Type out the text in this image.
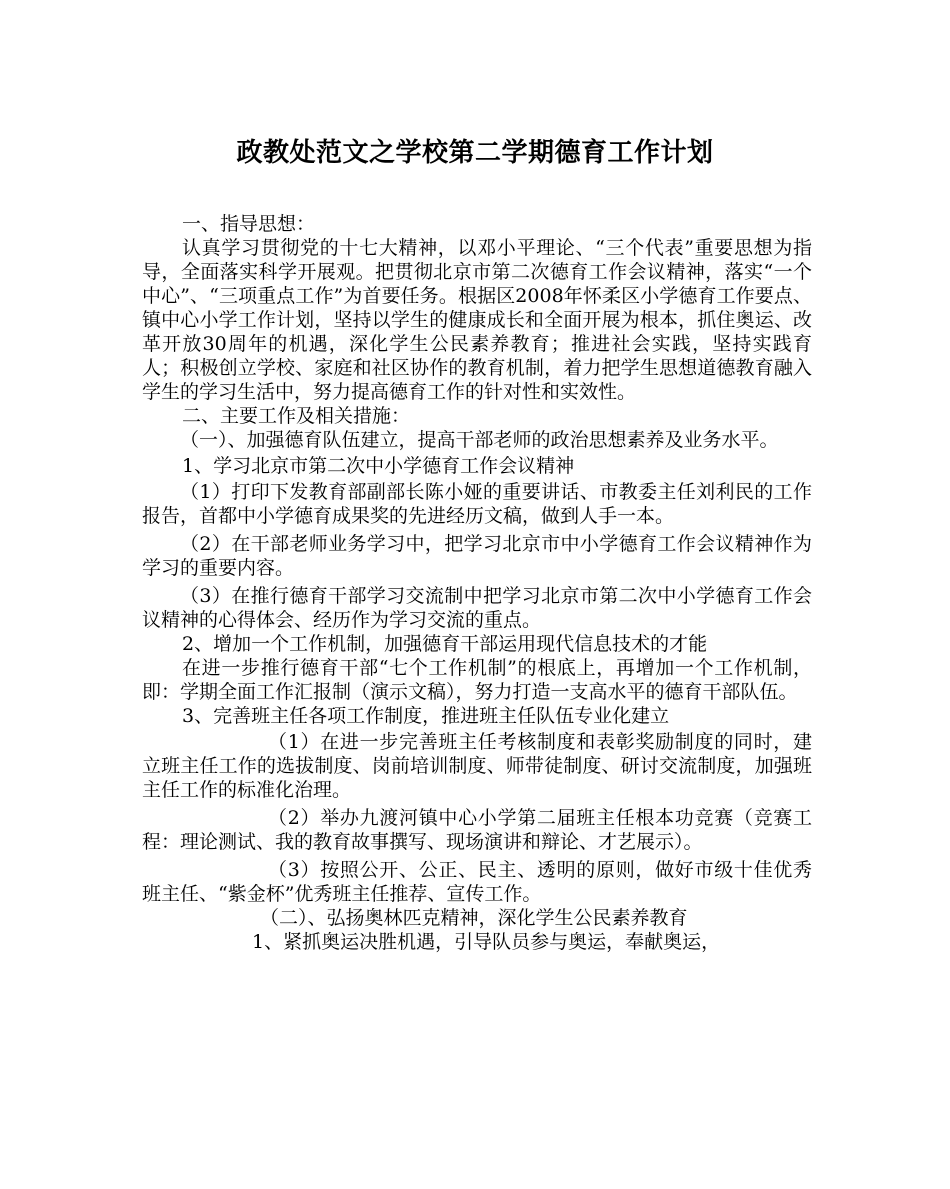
政教处范文之学校第二学期德育工作计划

一、指导思想：

认真学习贯彻党的十七大精神，以邓小平理论、“三个代表”重要思想为指导，全面落实科学开展观。把贯彻北京市第二次德育工作会议精神，落实“一个中心”、“三项重点工作”为首要任务。根据区2008年怀柔区小学德育工作要点、镇中心小学工作计划，坚持以学生的健康成长和全面开展为根本，抓住奥运、改革开放30周年的机遇，深化学生公民素养教育；推进社会实践，坚持实践育人；积极创立学校、家庭和社区协作的教育机制，着力把学生思想道德教育融入学生的学习生活中，努力提高德育工作的针对性和实效性。

二、主要工作及相关措施：

（一）、加强德育队伍建立，提高干部老师的政治思想素养及业务水平。

1、学习北京市第二次中小学德育工作会议精神

（1）打印下发教育部副部长陈小娅的重要讲话、市教委主任刘利民的工作报告，首都中小学德育成果奖的先进经历文稿，做到人手一本。

（2）在干部老师业务学习中，把学习北京市中小学德育工作会议精神作为学习的重要内容。

（3）在推行德育干部学习交流制中把学习北京市第二次中小学德育工作会议精神的心得体会、经历作为学习交流的重点。

2、增加一个工作机制，加强德育干部运用现代信息技术的才能

在进一步推行德育干部“七个工作机制”的根底上，再增加一个工作机制，即：学期全面工作汇报制（演示文稿），努力打造一支高水平的德育干部队伍。

3、完善班主任各项工作制度，推进班主任队伍专业化建立

（1）在进一步完善班主任考核制度和表彰奖励制度的同时，建立班主任工作的选拔制度、岗前培训制度、师带徒制度、研讨交流制度，加强班主任工作的标准化治理。

（2）举办九渡河镇中心小学第二届班主任根本功竞赛（竞赛工程：理论测试、我的教育故事撰写、现场演讲和辩论、才艺展示）。

（3）按照公开、公正、民主、透明的原则，做好市级十佳优秀班主任、“紫金杯”优秀班主任推荐、宣传工作。

（二）、弘扬奥林匹克精神，深化学生公民素养教育

1、紧抓奥运决胜机遇，引导队员参与奥运，奉献奥运，
